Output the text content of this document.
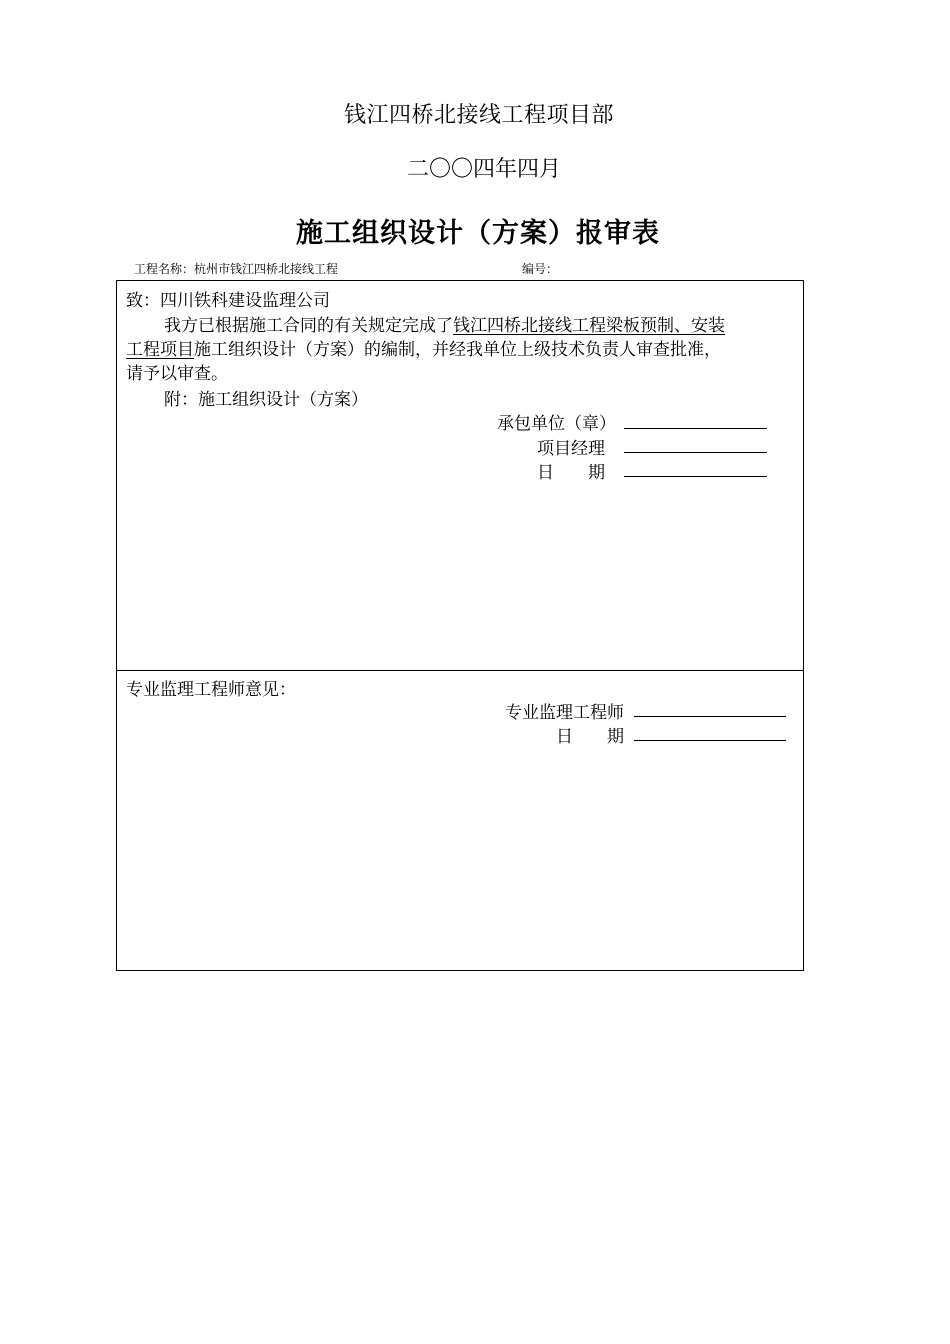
钱江四桥北接线工程项目部
二〇〇四年四月
施工组织设计（方案）报审表
工程名称：杭州市钱江四桥北接线工程	编号：
致：四川铁科建设监理公司
我方已根据施工合同的有关规定完成了钱江四桥北接线工程梁板预制、安装
工程项目施工组织设计（方案）的编制，并经我单位上级技术负责人审查批准，
请予以审查。
附：施工组织设计（方案）
承包单位（章）
项目经理
日　　期
专业监理工程师意见：
专业监理工程师
日　　期
